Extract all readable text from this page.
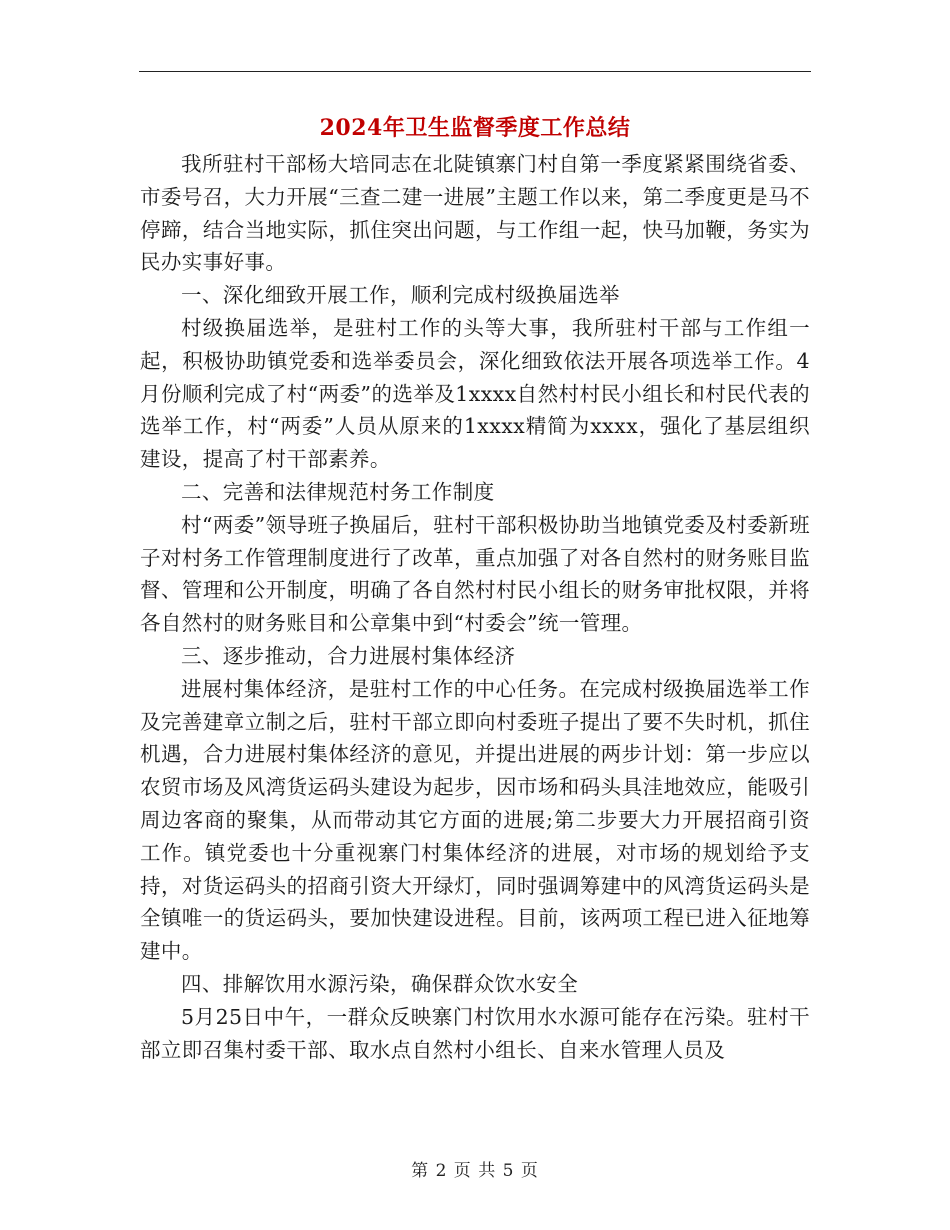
2024年卫生监督季度工作总结

我所驻村干部杨大培同志在北陡镇寨门村自第一季度紧紧围绕省委、市委号召，大力开展“三查二建一进展”主题工作以来，第二季度更是马不停蹄，结合当地实际，抓住突出问题，与工作组一起，快马加鞭，务实为民办实事好事。

一、深化细致开展工作，顺利完成村级换届选举

村级换届选举，是驻村工作的头等大事，我所驻村干部与工作组一起，积极协助镇党委和选举委员会，深化细致依法开展各项选举工作。4月份顺利完成了村“两委”的选举及1xxxx自然村村民小组长和村民代表的选举工作，村“两委”人员从原来的1xxxx精简为xxxx，强化了基层组织建设，提高了村干部素养。

二、完善和法律规范村务工作制度

村“两委”领导班子换届后，驻村干部积极协助当地镇党委及村委新班子对村务工作管理制度进行了改革，重点加强了对各自然村的财务账目监督、管理和公开制度，明确了各自然村村民小组长的财务审批权限，并将各自然村的财务账目和公章集中到“村委会”统一管理。

三、逐步推动，合力进展村集体经济

进展村集体经济，是驻村工作的中心任务。在完成村级换届选举工作及完善建章立制之后，驻村干部立即向村委班子提出了要不失时机，抓住机遇，合力进展村集体经济的意见，并提出进展的两步计划：第一步应以农贸市场及风湾货运码头建设为起步，因市场和码头具洼地效应，能吸引周边客商的聚集，从而带动其它方面的进展;第二步要大力开展招商引资工作。镇党委也十分重视寨门村集体经济的进展，对市场的规划给予支持，对货运码头的招商引资大开绿灯，同时强调筹建中的风湾货运码头是全镇唯一的货运码头，要加快建设进程。目前，该两项工程已进入征地筹建中。

四、排解饮用水源污染，确保群众饮水安全

5月25日中午，一群众反映寨门村饮用水水源可能存在污染。驻村干部立即召集村委干部、取水点自然村小组长、自来水管理人员及

第 2 页 共 5 页
